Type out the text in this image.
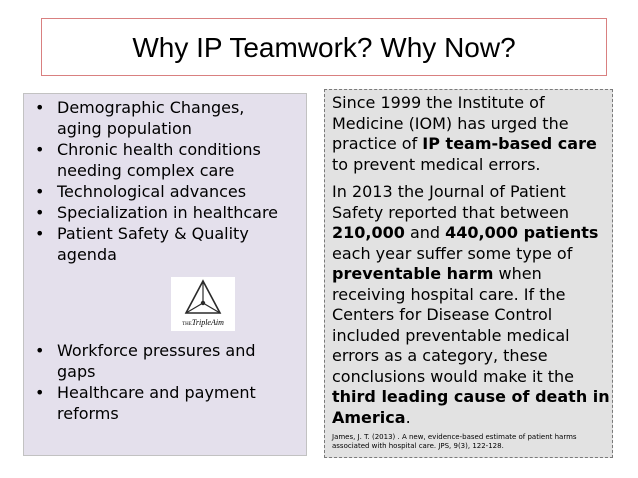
Why IP Teamwork? Why Now?
• Demographic Changes,
aging population
• Chronic health conditions
needing complex care
• Technological advances
• Specialization in healthcare
• Patient Safety & Quality
agenda
THETripleAim
• Workforce pressures and
gaps
• Healthcare and payment
reforms

Since 1999 the Institute of Medicine (IOM) has urged the practice of IP team-based care to prevent medical errors.

In 2013 the Journal of Patient Safety reported that between 210,000 and 440,000 patients each year suffer some type of preventable harm when receiving hospital care. If the Centers for Disease Control included preventable medical errors as a category, these conclusions would make it the third leading cause of death in America.

James, J. T. (2013) . A new, evidence-based estimate of patient harms associated with hospital care. JPS, 9(3), 122-128.
